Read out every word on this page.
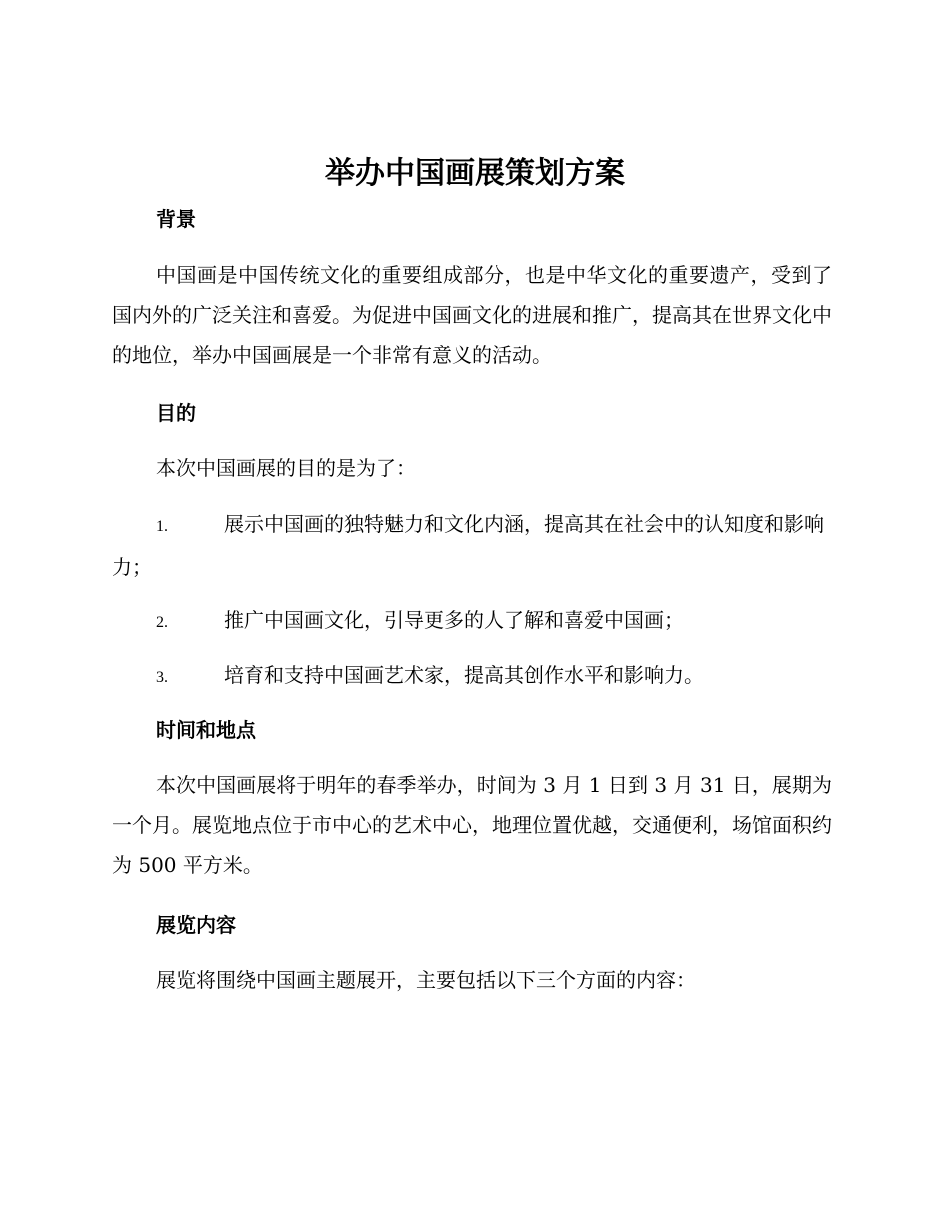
举办中国画展策划方案
背景

中国画是中国传统文化的重要组成部分，也是中华文化的重要遗产，受到了国内外的广泛关注和喜爱。为促进中国画文化的进展和推广，提高其在世界文化中的地位，举办中国画展是一个非常有意义的活动。

目的

本次中国画展的目的是为了：

1.	展示中国画的独特魅力和文化内涵，提高其在社会中的认知度和影响力；
2.	推广中国画文化，引导更多的人了解和喜爱中国画；
3.	培育和支持中国画艺术家，提高其创作水平和影响力。
时间和地点

本次中国画展将于明年的春季举办，时间为 3 月 1 日到 3 月 31 日，展期为一个月。展览地点位于市中心的艺术中心，地理位置优越，交通便利，场馆面积约为 500 平方米。

展览内容

展览将围绕中国画主题展开，主要包括以下三个方面的内容：
